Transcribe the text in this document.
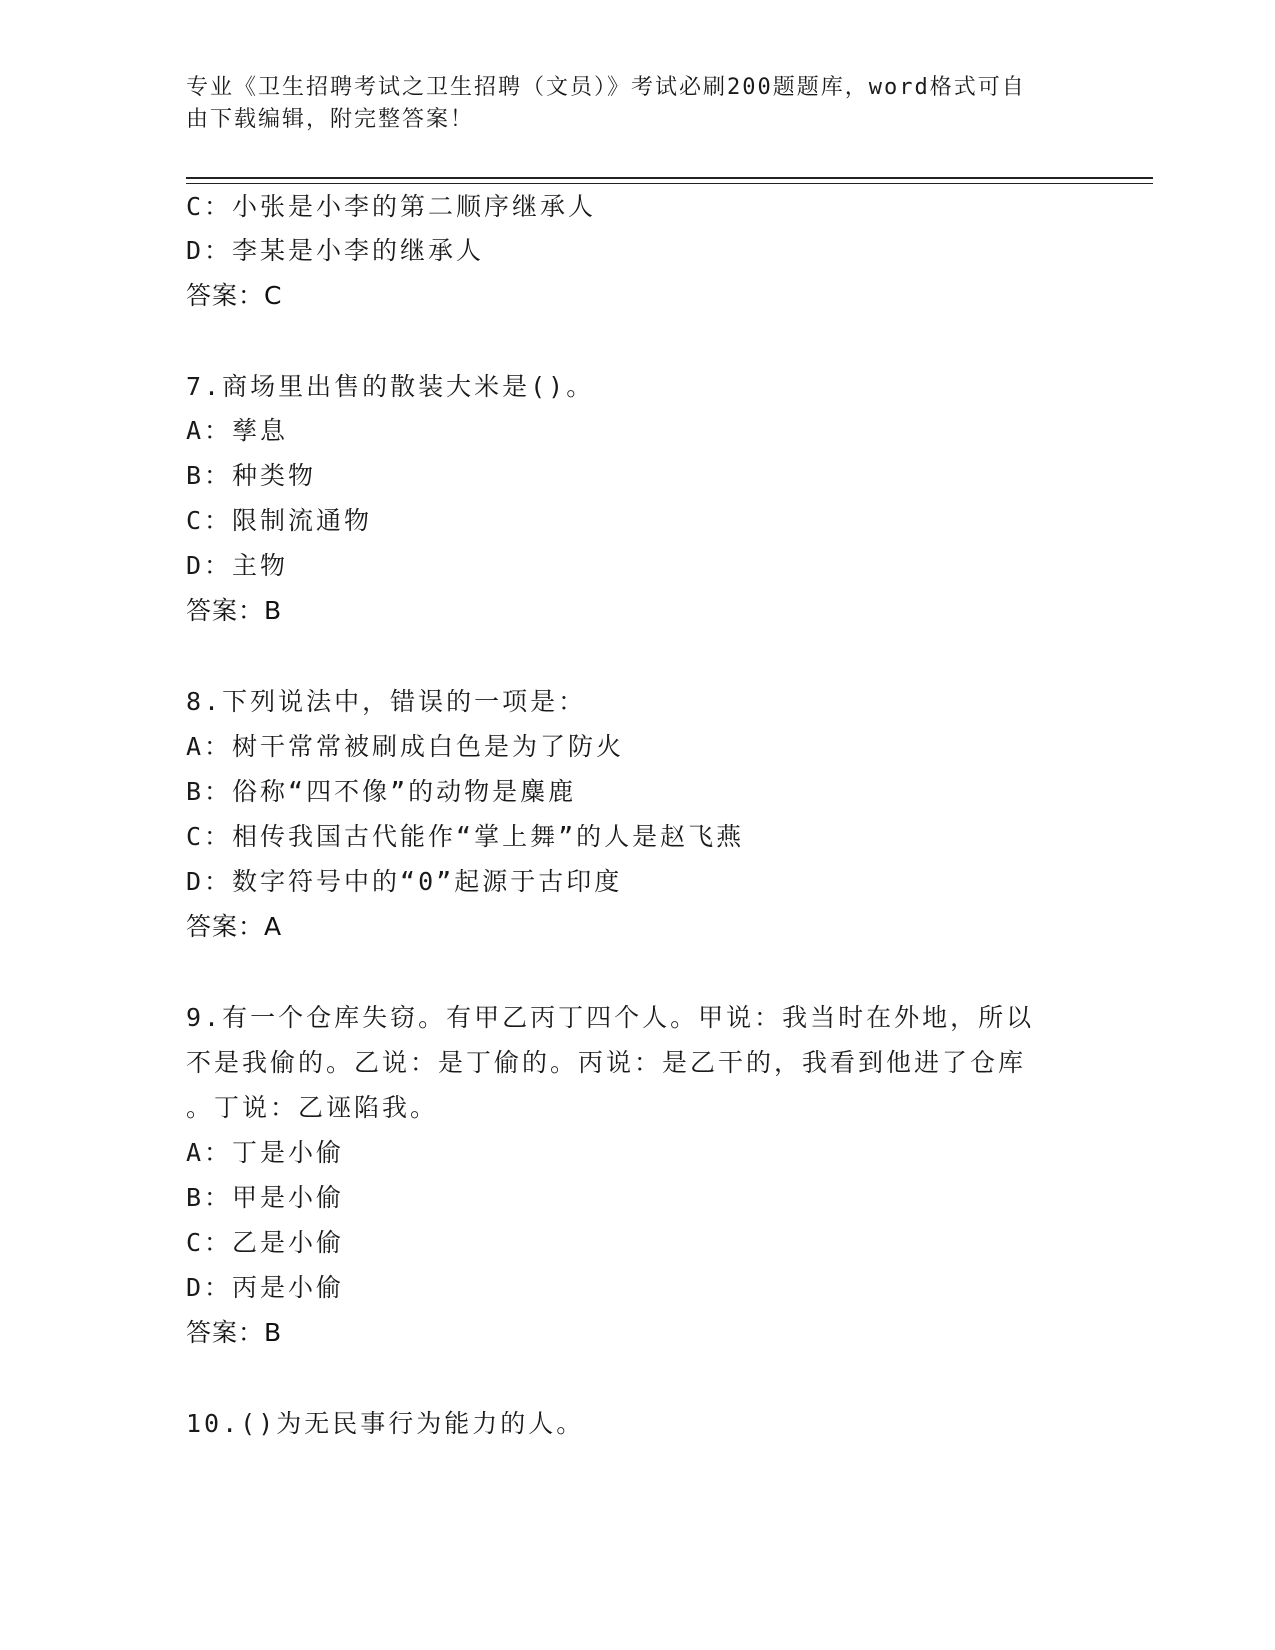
专业《卫生招聘考试之卫生招聘（文员）》考试必刷200题题库，word格式可自
由下载编辑，附完整答案！
C：小张是小李的第二顺序继承人
D：李某是小李的继承人
答案：C
7.商场里出售的散装大米是()。
A：孳息
B：种类物
C：限制流通物
D：主物
答案：B
8.下列说法中，错误的一项是：
A：树干常常被刷成白色是为了防火
B：俗称“四不像”的动物是麋鹿
C：相传我国古代能作“掌上舞”的人是赵飞燕
D：数字符号中的“0”起源于古印度
答案：A
9.有一个仓库失窃。有甲乙丙丁四个人。甲说：我当时在外地，所以
不是我偷的。乙说：是丁偷的。丙说：是乙干的，我看到他进了仓库
。丁说：乙诬陷我。
A：丁是小偷
B：甲是小偷
C：乙是小偷
D：丙是小偷
答案：B
10.()为无民事行为能力的人。
